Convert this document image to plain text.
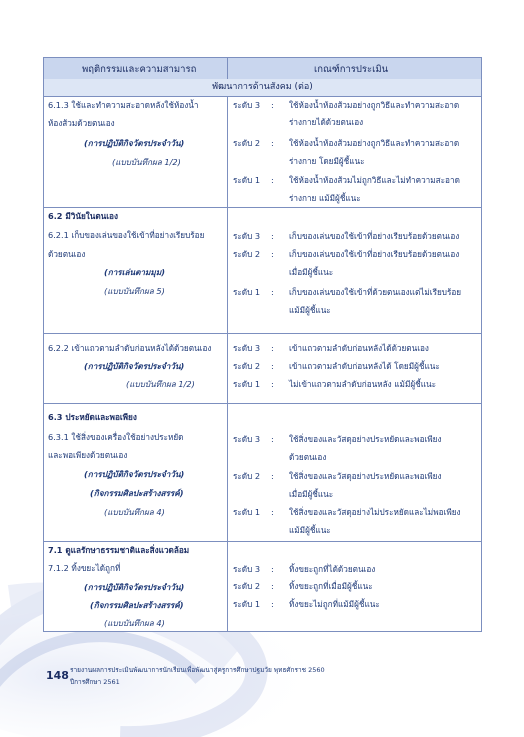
พฤติกรรมและความสามารถ	เกณฑ์การประเมิน
พัฒนาการด้านสังคม (ต่อ)
6.1.3 ใช้และทำความสะอาดหลังใช้ห้องน้ำ
ห้องส้วมด้วยตนเอง
(การปฏิบัติกิจวัตรประจำวัน)
(แบบบันทึกผล 1/2)
ระดับ 3 : ใช้ห้องน้ำห้องส้วมอย่างถูกวิธีและทำความสะอาด
ร่างกายได้ด้วยตนเอง
ระดับ 2 : ใช้ห้องน้ำห้องส้วมอย่างถูกวิธีและทำความสะอาด
ร่างกาย โดยมีผู้ชี้แนะ
ระดับ 1 : ใช้ห้องน้ำห้องส้วมไม่ถูกวิธีและไม่ทำความสะอาด
ร่างกาย แม้มีผู้ชี้แนะ
6.2 มีวินัยในตนเอง
6.2.1 เก็บของเล่นของใช้เข้าที่อย่างเรียบร้อย
ด้วยตนเอง
(การเล่นตามมุม)
(แบบบันทึกผล 5)
ระดับ 3 : เก็บของเล่นของใช้เข้าที่อย่างเรียบร้อยด้วยตนเอง
ระดับ 2 : เก็บของเล่นของใช้เข้าที่อย่างเรียบร้อยด้วยตนเอง
เมื่อมีผู้ชี้แนะ
ระดับ 1 : เก็บของเล่นของใช้เข้าที่ด้วยตนเองแต่ไม่เรียบร้อย
แม้มีผู้ชี้แนะ
6.2.2 เข้าแถวตามลำดับก่อนหลังได้ด้วยตนเอง
(การปฏิบัติกิจวัตรประจำวัน)
(แบบบันทึกผล 1/2)
ระดับ 3 : เข้าแถวตามลำดับก่อนหลังได้ด้วยตนเอง
ระดับ 2 : เข้าแถวตามลำดับก่อนหลังได้ โดยมีผู้ชี้แนะ
ระดับ 1 : ไม่เข้าแถวตามลำดับก่อนหลัง แม้มีผู้ชี้แนะ
6.3 ประหยัดและพอเพียง
6.3.1 ใช้สิ่งของเครื่องใช้อย่างประหยัด
และพอเพียงด้วยตนเอง
(การปฏิบัติกิจวัตรประจำวัน)
(กิจกรรมศิลปะสร้างสรรค์)
(แบบบันทึกผล 4)
ระดับ 3 : ใช้สิ่งของและวัสดุอย่างประหยัดและพอเพียง
ด้วยตนเอง
ระดับ 2 : ใช้สิ่งของและวัสดุอย่างประหยัดและพอเพียง
เมื่อมีผู้ชี้แนะ
ระดับ 1 : ใช้สิ่งของและวัสดุอย่างไม่ประหยัดและไม่พอเพียง
แม้มีผู้ชี้แนะ
7.1 ดูแลรักษาธรรมชาติและสิ่งแวดล้อม
7.1.2 ทิ้งขยะได้ถูกที่
(การปฏิบัติกิจวัตรประจำวัน)
(กิจกรรมศิลปะสร้างสรรค์)
(แบบบันทึกผล 4)
ระดับ 3 : ทิ้งขยะถูกที่ได้ด้วยตนเอง
ระดับ 2 : ทิ้งขยะถูกที่เมื่อมีผู้ชี้แนะ
ระดับ 1 : ทิ้งขยะไม่ถูกที่แม้มีผู้ชี้แนะ
148 รายงานผลการประเมินพัฒนาการนักเรียนเพื่อพัฒนาสู่ครูการศึกษาปฐมวัย พุทธศักราช 2560
ปีการศึกษา 2561
